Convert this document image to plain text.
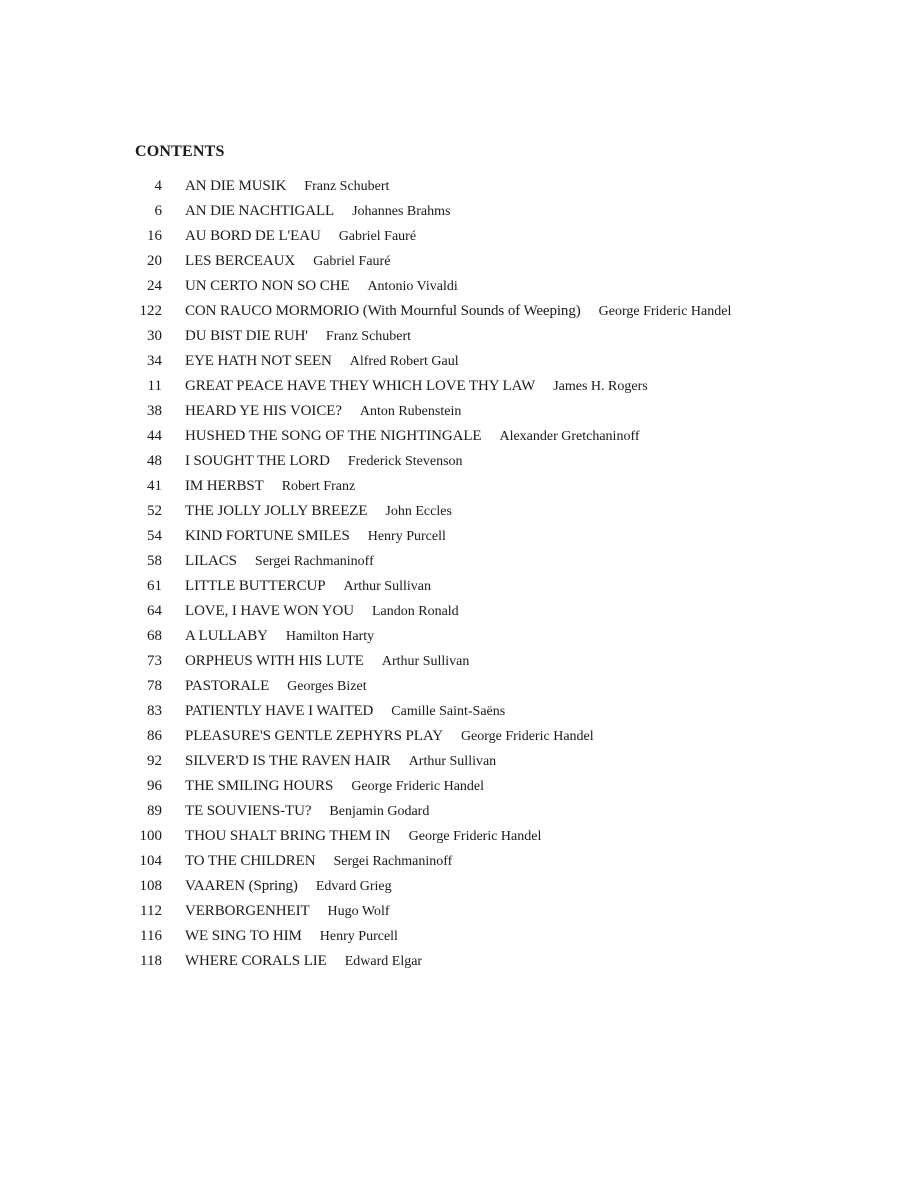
CONTENTS
4 AN DIE MUSIK Franz Schubert
6 AN DIE NACHTIGALL Johannes Brahms
16 AU BORD DE L'EAU Gabriel Fauré
20 LES BERCEAUX Gabriel Fauré
24 UN CERTO NON SO CHE Antonio Vivaldi
122 CON RAUCO MORMORIO (With Mournful Sounds of Weeping) George Frideric Handel
30 DU BIST DIE RUH' Franz Schubert
34 EYE HATH NOT SEEN Alfred Robert Gaul
11 GREAT PEACE HAVE THEY WHICH LOVE THY LAW James H. Rogers
38 HEARD YE HIS VOICE? Anton Rubenstein
44 HUSHED THE SONG OF THE NIGHTINGALE Alexander Gretchaninoff
48 I SOUGHT THE LORD Frederick Stevenson
41 IM HERBST Robert Franz
52 THE JOLLY JOLLY BREEZE John Eccles
54 KIND FORTUNE SMILES Henry Purcell
58 LILACS Sergei Rachmaninoff
61 LITTLE BUTTERCUP Arthur Sullivan
64 LOVE, I HAVE WON YOU Landon Ronald
68 A LULLABY Hamilton Harty
73 ORPHEUS WITH HIS LUTE Arthur Sullivan
78 PASTORALE Georges Bizet
83 PATIENTLY HAVE I WAITED Camille Saint-Saëns
86 PLEASURE'S GENTLE ZEPHYRS PLAY George Frideric Handel
92 SILVER'D IS THE RAVEN HAIR Arthur Sullivan
96 THE SMILING HOURS George Frideric Handel
89 TE SOUVIENS-TU? Benjamin Godard
100 THOU SHALT BRING THEM IN George Frideric Handel
104 TO THE CHILDREN Sergei Rachmaninoff
108 VAAREN (Spring) Edvard Grieg
112 VERBORGENHEIT Hugo Wolf
116 WE SING TO HIM Henry Purcell
118 WHERE CORALS LIE Edward Elgar
